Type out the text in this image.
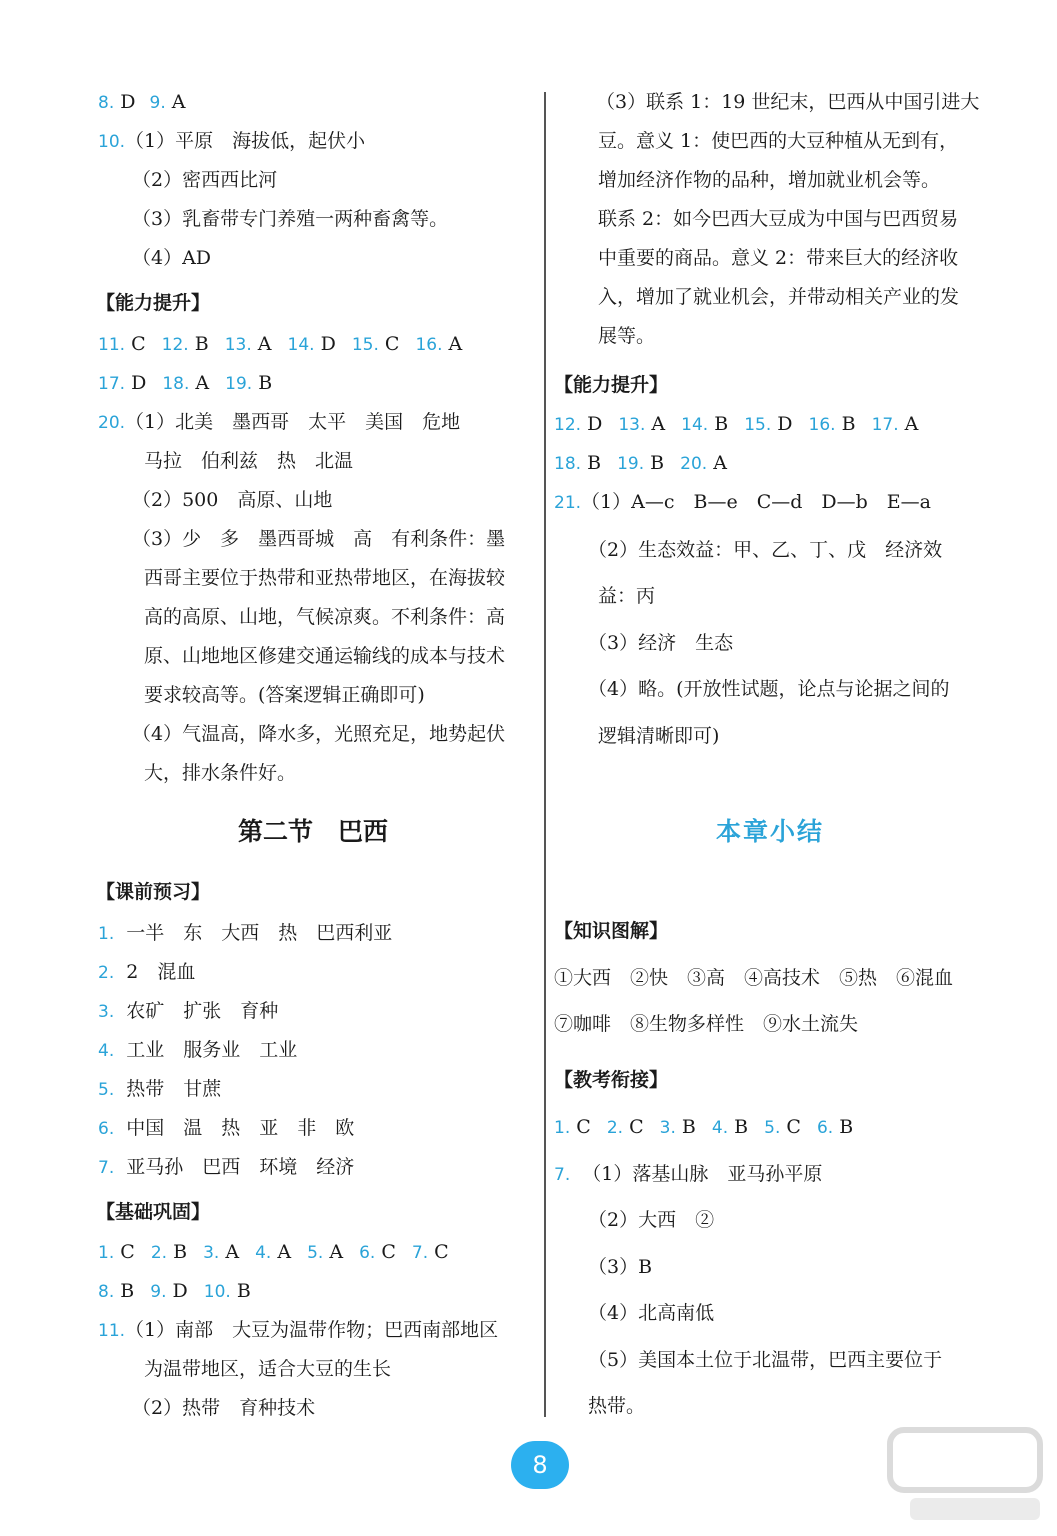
8. D 9. A
10.（1）平原　海拔低，起伏小
（2）密西西比河
（3）乳畜带专门养殖一两种畜禽等。
（4）AD
【能力提升】
11. C 12. B 13. A 14. D 15. C 16. A
17. D 18. A 19. B
20.（1）北美　墨西哥　太平　美国　危地
马拉　伯利兹　热　北温
（2）500　高原、山地
（3）少　多　墨西哥城　高　有利条件：墨
西哥主要位于热带和亚热带地区，在海拔较
高的高原、山地，气候凉爽。不利条件：高
原、山地地区修建交通运输线的成本与技术
要求较高等。(答案逻辑正确即可)
（4）气温高，降水多，光照充足，地势起伏
大，排水条件好。
第二节　巴西
【课前预习】
1. 一半　东　大西　热　巴西利亚
2. 2　混血
3. 农矿　扩张　育种
4. 工业　服务业　工业
5. 热带　甘蔗
6. 中国　温　热　亚　非　欧
7. 亚马孙　巴西　环境　经济
【基础巩固】
1. C 2. B 3. A 4. A 5. A 6. C 7. C
8. B 9. D 10. B
11.（1）南部　大豆为温带作物；巴西南部地区
为温带地区，适合大豆的生长
（2）热带　育种技术
（3）联系 1：19 世纪末，巴西从中国引进大
豆。意义 1：使巴西的大豆种植从无到有，
增加经济作物的品种，增加就业机会等。
联系 2：如今巴西大豆成为中国与巴西贸易
中重要的商品。意义 2：带来巨大的经济收
入，增加了就业机会，并带动相关产业的发
展等。
【能力提升】
12. D 13. A 14. B 15. D 16. B 17. A
18. B 19. B 20. A
21.（1）A—c　B—e　C—d　D—b　E—a
（2）生态效益：甲、乙、丁、戊　经济效
益：丙
（3）经济　生态
（4）略。(开放性试题，论点与论据之间的
逻辑清晰即可)
本章小结
【知识图解】
①大西　②快　③高　④高技术　⑤热　⑥混血
⑦咖啡　⑧生物多样性　⑨水土流失
【教考衔接】
1. C 2. C 3. B 4. B 5. C 6. B
7. （1）落基山脉　亚马孙平原
（2）大西　②
（3）B
（4）北高南低
（5）美国本土位于北温带，巴西主要位于
热带。
8
